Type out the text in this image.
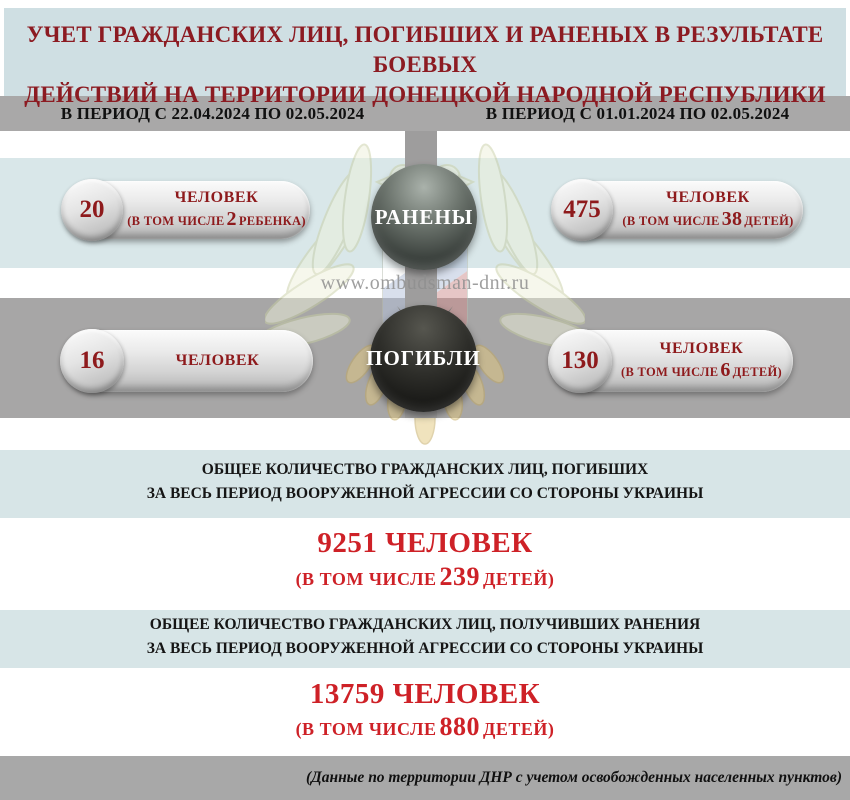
УЧЕТ ГРАЖДАНСКИХ ЛИЦ, ПОГИБШИХ И РАНЕНЫХ В РЕЗУЛЬТАТЕ БОЕВЫХ
ДЕЙСТВИЙ НА ТЕРРИТОРИИ ДОНЕЦКОЙ НАРОДНОЙ РЕСПУБЛИКИ
В ПЕРИОД С 22.04.2024 ПО 02.05.2024	В ПЕРИОД С 01.01.2024 ПО 02.05.2024
20	ЧЕЛОВЕК
(В ТОМ ЧИСЛЕ 2 РЕБЕНКА)	РАНЕНЫ	475	ЧЕЛОВЕК
(В ТОМ ЧИСЛЕ 38 ДЕТЕЙ)
16	ЧЕЛОВЕК	ПОГИБЛИ	130	ЧЕЛОВЕК
(В ТОМ ЧИСЛЕ 6 ДЕТЕЙ)
www.ombudsman-dnr.ru
ОБЩЕЕ КОЛИЧЕСТВО ГРАЖДАНСКИХ ЛИЦ, ПОГИБШИХ
ЗА ВЕСЬ ПЕРИОД ВООРУЖЕННОЙ АГРЕССИИ СО СТОРОНЫ УКРАИНЫ
9251 ЧЕЛОВЕК
(В ТОМ ЧИСЛЕ 239 ДЕТЕЙ)
ОБЩЕЕ КОЛИЧЕСТВО ГРАЖДАНСКИХ ЛИЦ, ПОЛУЧИВШИХ РАНЕНИЯ
ЗА ВЕСЬ ПЕРИОД ВООРУЖЕННОЙ АГРЕССИИ СО СТОРОНЫ УКРАИНЫ
13759 ЧЕЛОВЕК
(В ТОМ ЧИСЛЕ 880 ДЕТЕЙ)
(Данные по территории ДНР с учетом освобожденных населенных пунктов)
